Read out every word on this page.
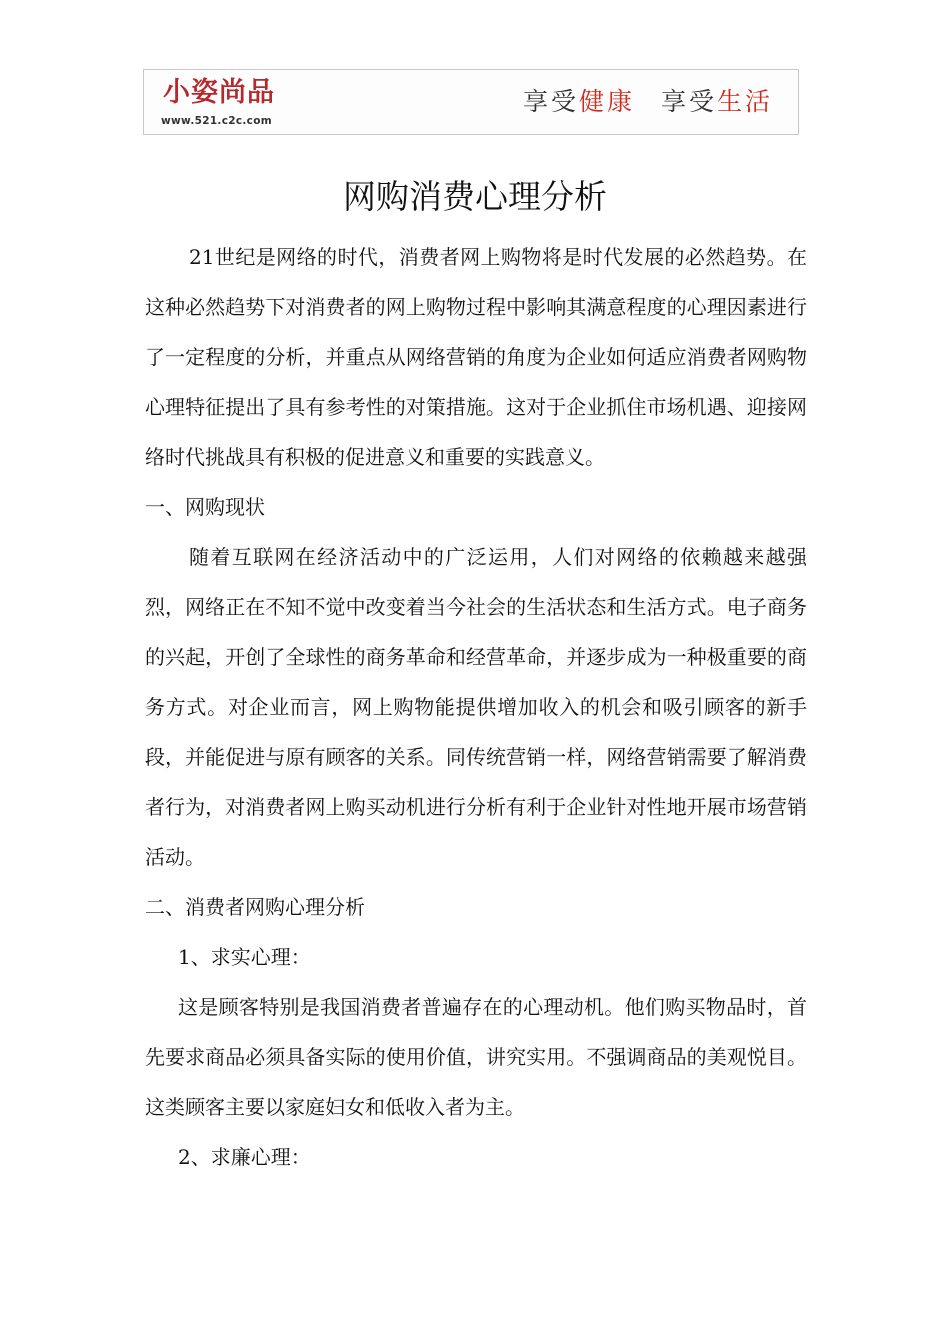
小姿尚品
www.521.c2c.com
享受健康 享受生活
网购消费心理分析

21世纪是网络的时代，消费者网上购物将是时代发展的必然趋势。在这种必然趋势下对消费者的网上购物过程中影响其满意程度的心理因素进行了一定程度的分析，并重点从网络营销的角度为企业如何适应消费者网购物心理特征提出了具有参考性的对策措施。这对于企业抓住市场机遇、迎接网络时代挑战具有积极的促进意义和重要的实践意义。

一、网购现状

随着互联网在经济活动中的广泛运用，人们对网络的依赖越来越强烈，网络正在不知不觉中改变着当今社会的生活状态和生活方式。电子商务的兴起，开创了全球性的商务革命和经营革命，并逐步成为一种极重要的商务方式。对企业而言，网上购物能提供增加收入的机会和吸引顾客的新手段，并能促进与原有顾客的关系。同传统营销一样，网络营销需要了解消费者行为，对消费者网上购买动机进行分析有利于企业针对性地开展市场营销活动。

二、消费者网购心理分析

1、求实心理：

这是顾客特别是我国消费者普遍存在的心理动机。他们购买物品时，首先要求商品必须具备实际的使用价值，讲究实用。不强调商品的美观悦目。这类顾客主要以家庭妇女和低收入者为主。

2、求廉心理：
